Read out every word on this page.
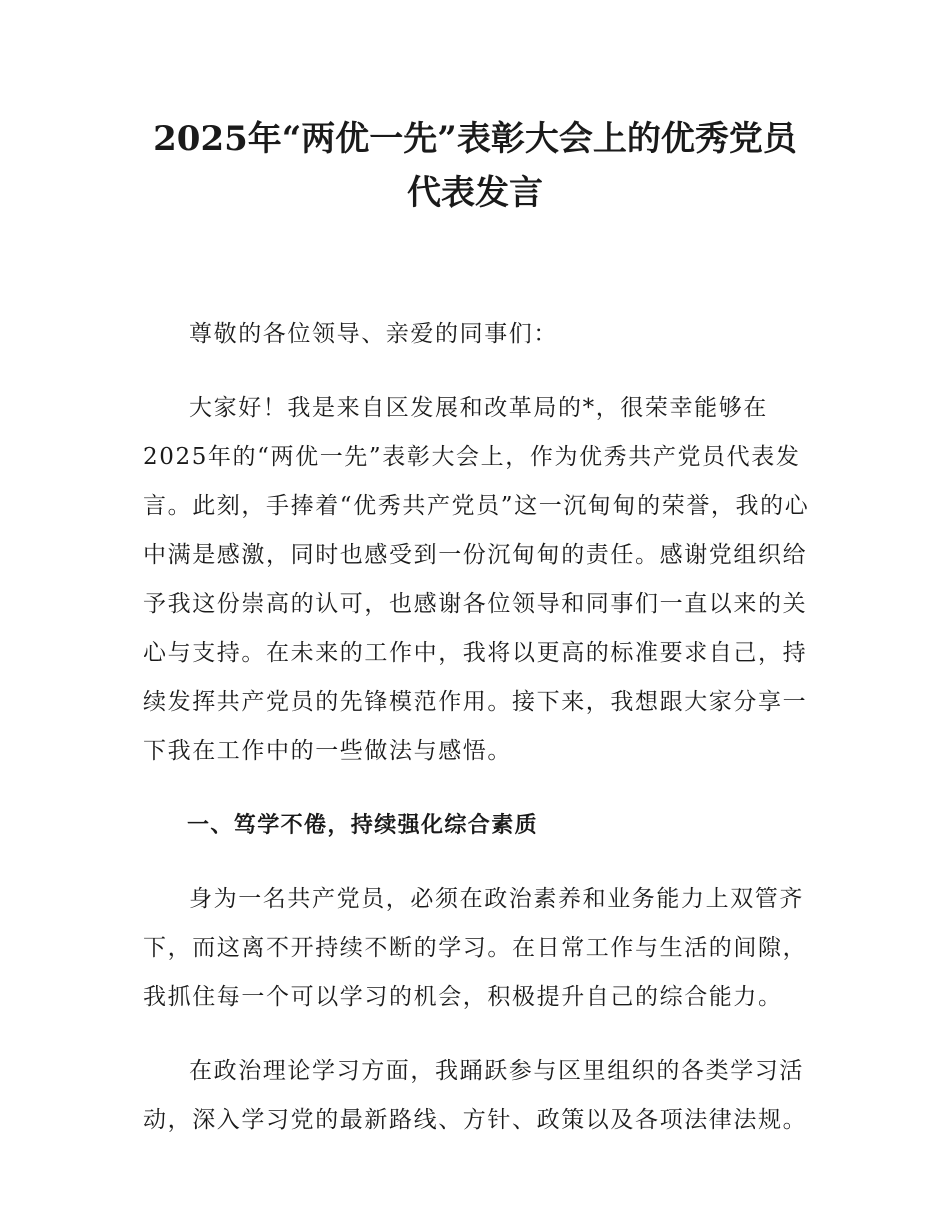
2025年“两优一先”表彰大会上的优秀党员
代表发言

尊敬的各位领导、亲爱的同事们：

大家好！我是来自区发展和改革局的*，很荣幸能够在2025年的“两优一先”表彰大会上，作为优秀共产党员代表发言。此刻，手捧着“优秀共产党员”这一沉甸甸的荣誉，我的心中满是感激，同时也感受到一份沉甸甸的责任。感谢党组织给予我这份崇高的认可，也感谢各位领导和同事们一直以来的关心与支持。在未来的工作中，我将以更高的标准要求自己，持续发挥共产党员的先锋模范作用。接下来，我想跟大家分享一下我在工作中的一些做法与感悟。

一、笃学不倦，持续强化综合素质

身为一名共产党员，必须在政治素养和业务能力上双管齐下，而这离不开持续不断的学习。在日常工作与生活的间隙，我抓住每一个可以学习的机会，积极提升自己的综合能力。

在政治理论学习方面，我踊跃参与区里组织的各类学习活动，深入学习党的最新路线、方针、政策以及各项法律法规。
